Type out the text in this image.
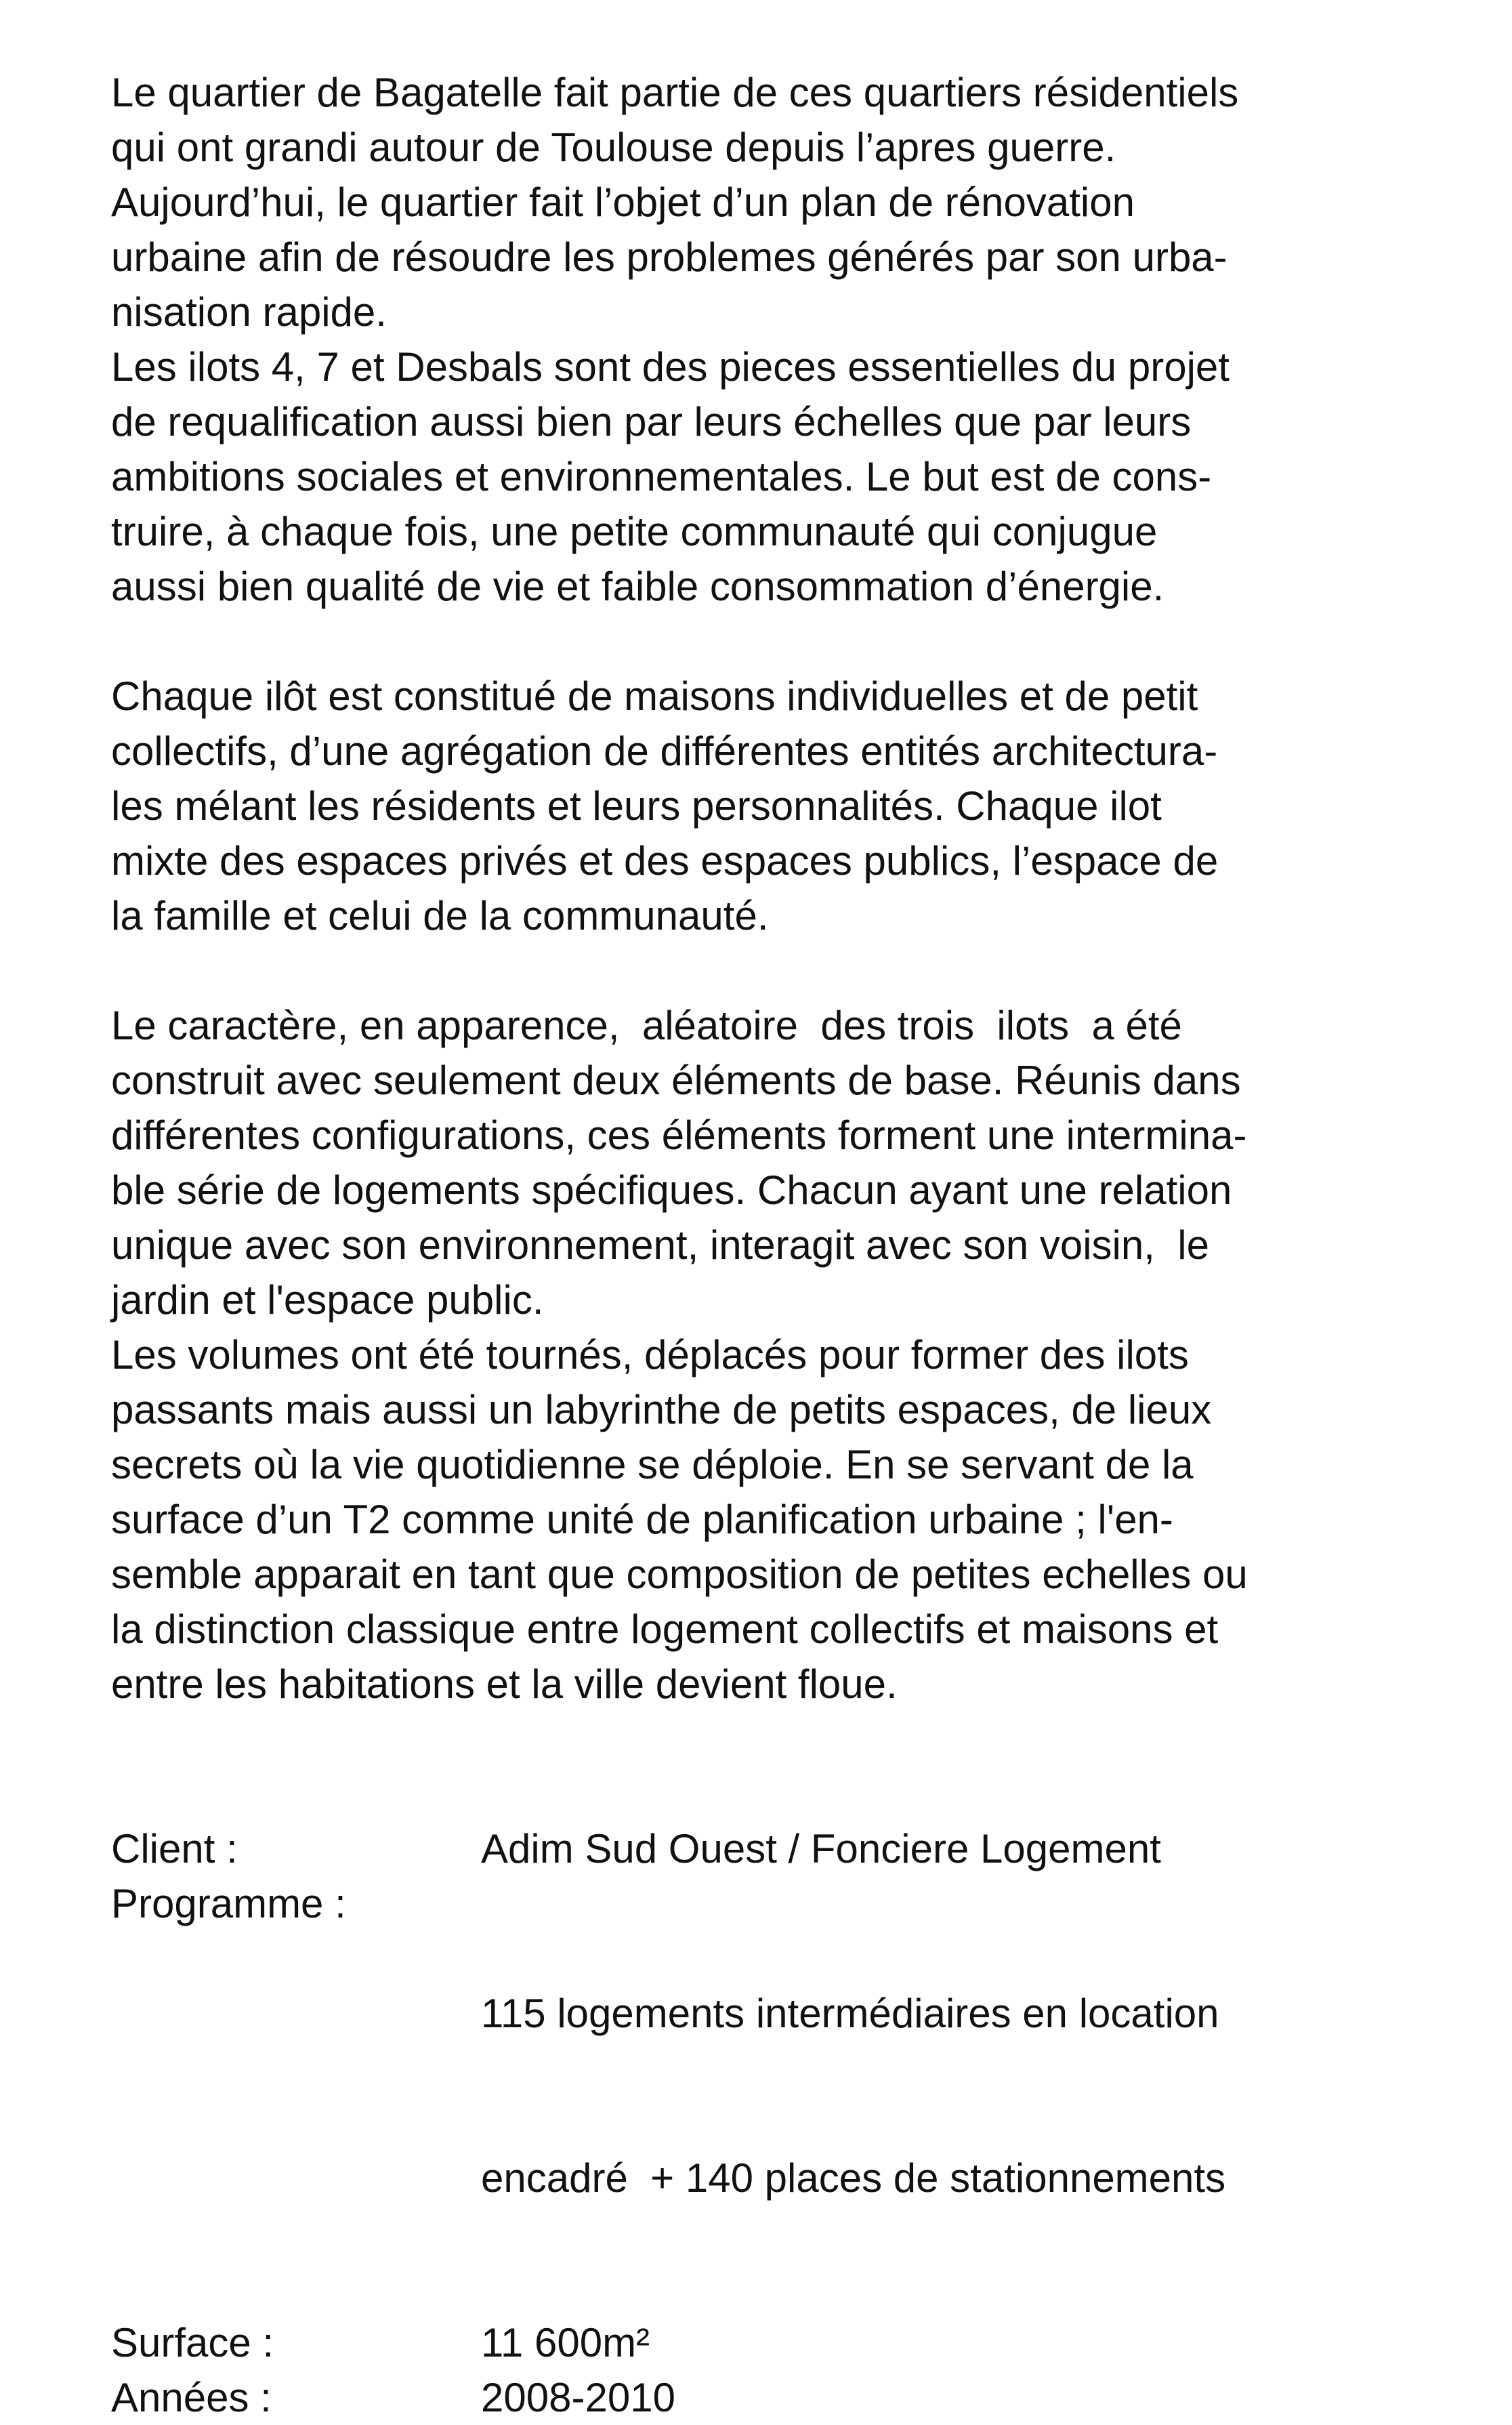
Le quartier de Bagatelle fait partie de ces quartiers résidentiels
qui ont grandi autour de Toulouse depuis l’apres guerre.
Aujourd’hui, le quartier fait l’objet d’un plan de rénovation
urbaine afin de résoudre les problemes générés par son urba-
nisation rapide.
Les ilots 4, 7 et Desbals sont des pieces essentielles du projet
de requalification aussi bien par leurs échelles que par leurs
ambitions sociales et environnementales. Le but est de cons-
truire, à chaque fois, une petite communauté qui conjugue
aussi bien qualité de vie et faible consommation d’énergie.

Chaque ilôt est constitué de maisons individuelles et de petit
collectifs, d’une agrégation de différentes entités architectura-
les mélant les résidents et leurs personnalités. Chaque ilot
mixte des espaces privés et des espaces publics, l’espace de
la famille et celui de la communauté.

Le caractère, en apparence,  aléatoire  des trois  ilots  a été
construit avec seulement deux éléments de base. Réunis dans
différentes configurations, ces éléments forment une intermina-
ble série de logements spécifiques. Chacun ayant une relation
unique avec son environnement, interagit avec son voisin,  le
jardin et l'espace public.
Les volumes ont été tournés, déplacés pour former des ilots
passants mais aussi un labyrinthe de petits espaces, de lieux
secrets où la vie quotidienne se déploie. En se servant de la
surface d’un T2 comme unité de planification urbaine ; l'en-
semble apparait en tant que composition de petites echelles ou
la distinction classique entre logement collectifs et maisons et
entre les habitations et la ville devient floue.

Client :	Adim Sud Ouest / Fonciere Logement
Programme :

115 logements intermédiaires en location

encadré  + 140 places de stationnements

Surface :	11 600m²
Années :	2008-2010
